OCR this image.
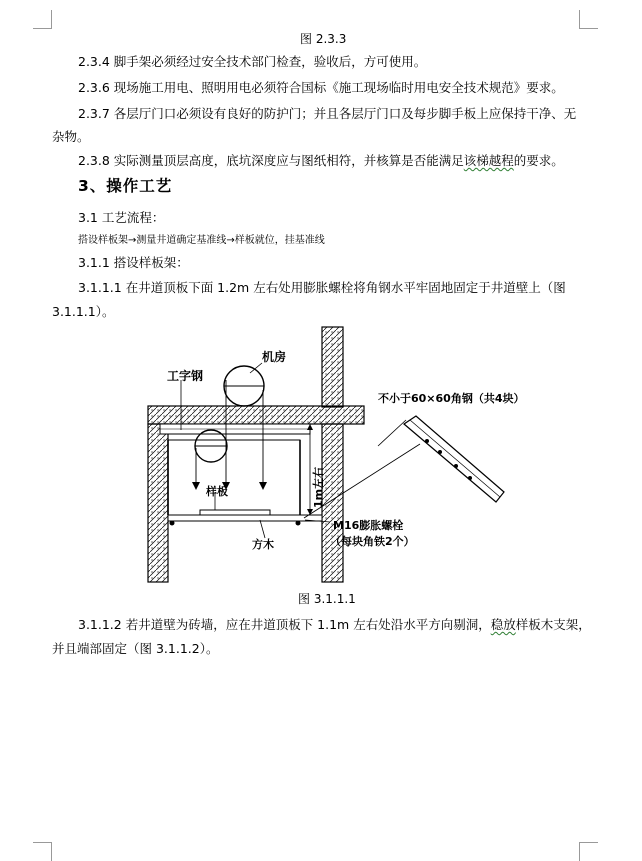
图 2.3.3
2.3.4 脚手架必须经过安全技术部门检查，验收后，方可使用。
2.3.6 现场施工用电、照明用电必须符合国标《施工现场临时用电安全技术规范》要求。
2.3.7 各层厅门口必须设有良好的防护门；并且各层厅门口及每步脚手板上应保持干净、无
杂物。
2.3.8 实际测量顶层高度，底坑深度应与图纸相符，并核算是否能满足该梯越程的要求。
3、操作工艺
3.1 工艺流程：
搭设样板架→测量井道确定基准线→样板就位，挂基准线
3.1.1 搭设样板架：
3.1.1.1 在井道顶板下面 1.2m 左右处用膨胀螺栓将角钢水平牢固地固定于井道壁上（图
3.1.1.1）。
机房
工字钢
不小于60×60角钢（共4块）
1m左右
样板
M16膨胀螺栓
（每块角铁2个）
方木
图 3.1.1.1
3.1.1.2 若井道壁为砖墙，应在井道顶板下 1.1m 左右处沿水平方向剔洞，稳放样板木支架，
并且端部固定（图 3.1.1.2）。
